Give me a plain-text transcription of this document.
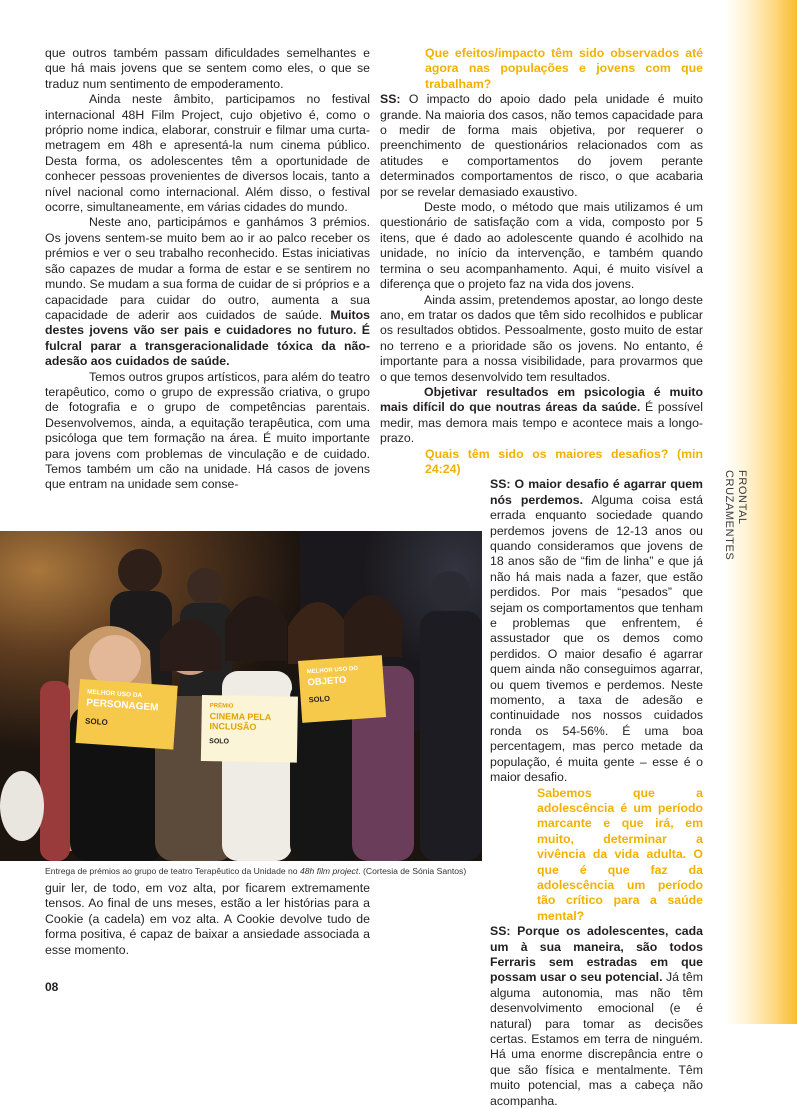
FRONTAL
CRUZAMENTES

que outros também passam dificuldades semelhantes e que há mais jovens que se sentem como eles, o que se traduz num sentimento de empoderamento.

Ainda neste âmbito, participamos no festival internacional 48H Film Project, cujo objetivo é, como o próprio nome indica, elaborar, construir e filmar uma curta-metragem em 48h e apresentá-la num cinema público. Desta forma, os adolescentes têm a oportunidade de conhecer pessoas provenientes de diversos locais, tanto a nível nacional como internacional. Além disso, o festival ocorre, simultaneamente, em várias cidades do mundo.

Neste ano, participámos e ganhámos 3 prémios. Os jovens sentem-se muito bem ao ir ao palco receber os prémios e ver o seu trabalho reconhecido. Estas iniciativas são capazes de mudar a forma de estar e se sentirem no mundo. Se mudam a sua forma de cuidar de si próprios e a capacidade para cuidar do outro, aumenta a sua capacidade de aderir aos cuidados de saúde. Muitos destes jovens vão ser pais e cuidadores no futuro. É fulcral parar a transgeracionalidade tóxica da não-adesão aos cuidados de saúde.

Temos outros grupos artísticos, para além do teatro terapêutico, como o grupo de expressão criativa, o grupo de fotografia e o grupo de competências parentais. Desenvolvemos, ainda, a equitação terapêutica, com uma psicóloga que tem formação na área. É muito importante para jovens com problemas de vinculação e de cuidado. Temos também um cão na unidade. Há casos de jovens que entram na unidade sem conse-

MELHOR USO DA
PERSONAGEM
SOLO
PRÉMIO
CINEMA PELA
INCLUSÃO
SOLO
MELHOR USO DO
OBJETO
SOLO
Entrega de prémios ao grupo de teatro Terapêutico da Unidade no 48h film project. (Cortesia de Sónia Santos)

guir ler, de todo, em voz alta, por ficarem extremamente tensos. Ao final de uns meses, estão a ler histórias para a Cookie (a cadela) em voz alta. A Cookie devolve tudo de forma positiva, é capaz de baixar a ansiedade associada a esse momento.

Que efeitos/impacto têm sido observados até agora nas populações e jovens com que trabalham?

SS: O impacto do apoio dado pela unidade é muito grande. Na maioria dos casos, não temos capacidade para o medir de forma mais objetiva, por requerer o preenchimento de questionários relacionados com as atitudes e comportamentos do jovem perante determinados comportamentos de risco, o que acabaria por se revelar demasiado exaustivo.

Deste modo, o método que mais utilizamos é um questionário de satisfação com a vida, composto por 5 itens, que é dado ao adolescente quando é acolhido na unidade, no início da intervenção, e também quando termina o seu acompanhamento. Aqui, é muito visível a diferença que o projeto faz na vida dos jovens.

Ainda assim, pretendemos apostar, ao longo deste ano, em tratar os dados que têm sido recolhidos e publicar os resultados obtidos. Pessoalmente, gosto muito de estar no terreno e a prioridade são os jovens. No entanto, é importante para a nossa visibilidade, para provarmos que o que temos desenvolvido tem resultados.

Objetivar resultados em psicologia é muito mais difícil do que noutras áreas da saúde. É possível medir, mas demora mais tempo e acontece mais a longo-prazo.

Quais têm sido os maiores desafios? (min 24:24)

SS: O maior desafio é agarrar quem nós perdemos. Alguma coisa está errada enquanto sociedade quando perdemos jovens de 12-13 anos ou quando consideramos que jovens de 18 anos são de “fim de linha” e que já não há mais nada a fazer, que estão perdidos. Por mais “pesados” que sejam os comportamentos que tenham e problemas que enfrentem, é assustador que os demos como perdidos. O maior desafio é agarrar quem ainda não conseguimos agarrar, ou quem tivemos e perdemos. Neste momento, a taxa de adesão e continuidade nos nossos cuidados ronda os 54-56%. É uma boa percentagem, mas perco metade da população, é muita gente – esse é o maior desafio.

Sabemos que a adolescência é um período marcante e que irá, em muito, determinar a vivência da vida adulta. O que é que faz da adolescência um período tão crítico para a saúde mental?

SS: Porque os adolescentes, cada um à sua maneira, são todos Ferraris sem estradas em que possam usar o seu potencial. Já têm alguma autonomia, mas não têm desenvolvimento emocional (e é natural) para tomar as decisões certas. Estamos em terra de ninguém. Há uma enorme discrepância entre o que são física e mentalmente. Têm muito potencial, mas a cabeça não acompanha.

08
